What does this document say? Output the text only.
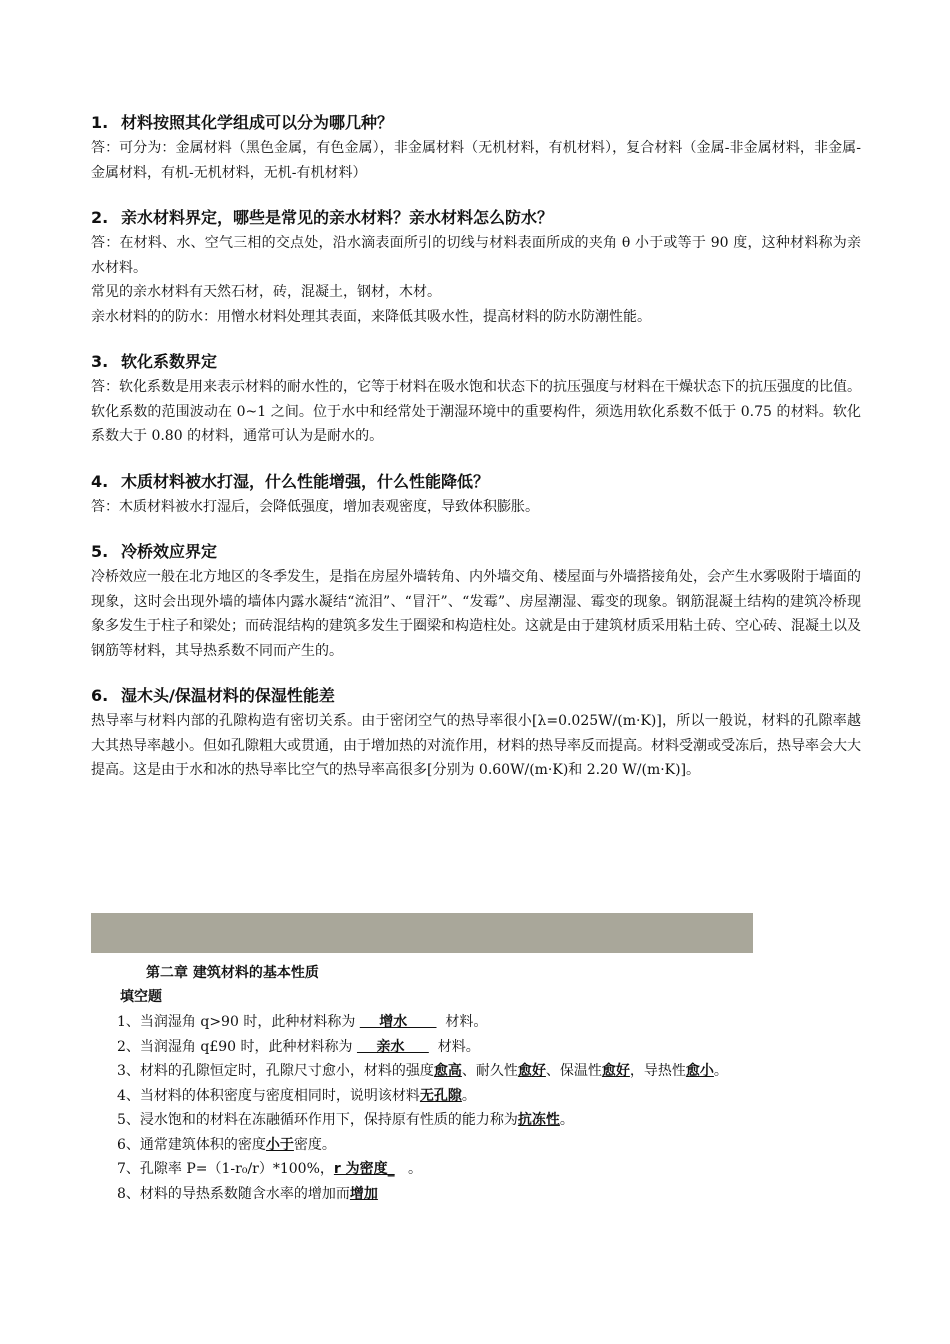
1. 材料按照其化学组成可以分为哪几种？

答：可分为：金属材料（黑色金属，有色金属），非金属材料（无机材料，有机材料），复合材料（金属-非金属材料，非金属-金属材料，有机-无机材料，无机-有机材料）

2. 亲水材料界定，哪些是常见的亲水材料？亲水材料怎么防水？

答：在材料、水、空气三相的交点处，沿水滴表面所引的切线与材料表面所成的夹角 θ 小于或等于 90 度，这种材料称为亲水材料。

常见的亲水材料有天然石材，砖，混凝土，钢材，木材。

亲水材料的的防水：用憎水材料处理其表面，来降低其吸水性，提高材料的防水防潮性能。

3. 软化系数界定

答：软化系数是用来表示材料的耐水性的，它等于材料在吸水饱和状态下的抗压强度与材料在干燥状态下的抗压强度的比值。软化系数的范围波动在 0~1 之间。位于水中和经常处于潮湿环境中的重要构件，须选用软化系数不低于 0.75 的材料。软化系数大于 0.80 的材料，通常可认为是耐水的。

4. 木质材料被水打湿，什么性能增强，什么性能降低？

答：木质材料被水打湿后，会降低强度，增加表观密度，导致体积膨胀。

5. 冷桥效应界定

冷桥效应一般在北方地区的冬季发生，是指在房屋外墙转角、内外墙交角、楼屋面与外墙搭接角处，会产生水雾吸附于墙面的现象，这时会出现外墙的墙体内露水凝结“流泪”、“冒汗”、“发霉”、房屋潮湿、霉变的现象。钢筋混凝土结构的建筑冷桥现象多发生于柱子和梁处；而砖混结构的建筑多发生于圈梁和构造柱处。这就是由于建筑材质采用粘土砖、空心砖、混凝土以及钢筋等材料，其导热系数不同而产生的。

6. 湿木头/保温材料的保湿性能差

热导率与材料内部的孔隙构造有密切关系。由于密闭空气的热导率很小[λ=0.025W/(m·K)]，所以一般说，材料的孔隙率越大其热导率越小。但如孔隙粗大或贯通，由于增加热的对流作用，材料的热导率反而提高。材料受潮或受冻后，热导率会大大提高。这是由于水和冰的热导率比空气的热导率高很多[分别为 0.60W/(m·K)和 2.20 W/(m·K)]。

第二章 建筑材料的基本性质
填空题

1、当润湿角 q>90 时，此种材料称为     增水        材料。

2、当润湿角 q£90 时，此种材料称为     亲水       材料。

3、材料的孔隙恒定时，孔隙尺寸愈小，材料的强度愈高、耐久性愈好、保温性愈好，导热性愈小。

4、当材料的体积密度与密度相同时，说明该材料无孔隙。

5、浸水饱和的材料在冻融循环作用下，保持原有性质的能力称为抗冻性。

6、通常建筑体积的密度小于密度。

7、孔隙率 P=（1-r₀/r）*100%，r 为密度_   。

8、材料的导热系数随含水率的增加而增加
